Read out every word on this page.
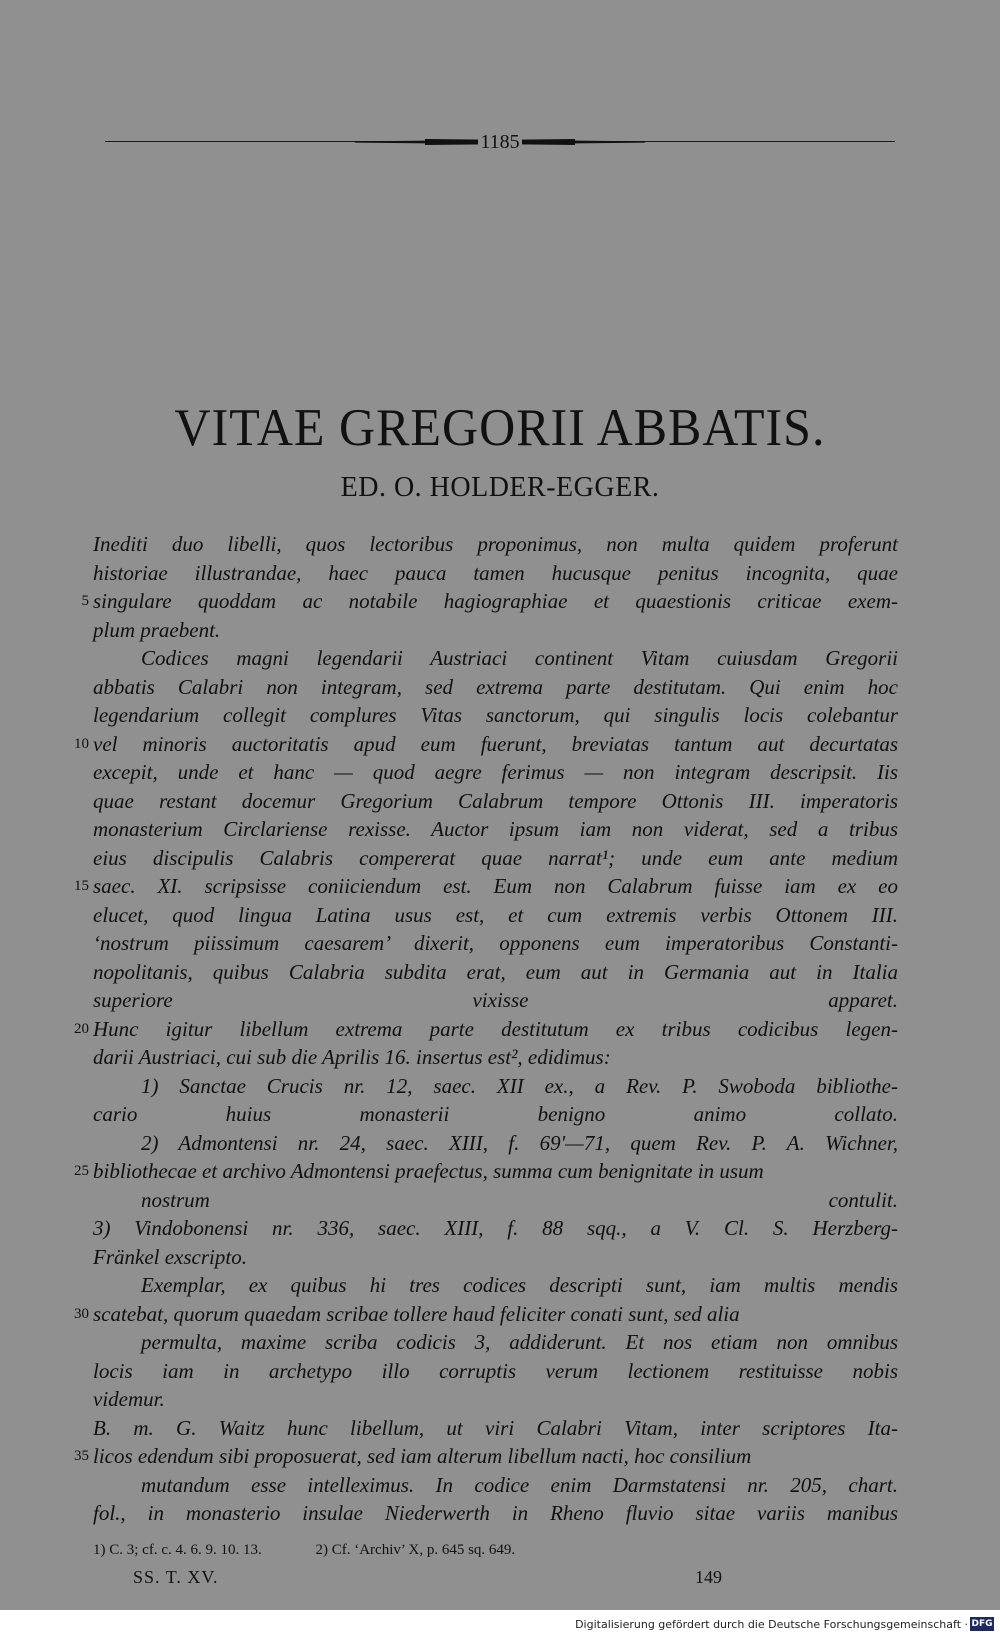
1185
VITAE GREGORII ABBATIS.
ED. O. HOLDER-EGGER.
Inediti duo libelli, quos lectoribus proponimus, non multa quidem proferunt
historiae illustrandae, haec pauca tamen hucusque penitus incognita, quae
5 singulare quoddam ac notabile hagiographiae et quaestionis criticae exem-
plum praebent.
Codices magni legendarii Austriaci continent Vitam cuiusdam Gregorii
abbatis Calabri non integram, sed extrema parte destitutam. Qui enim hoc
legendarium collegit complures Vitas sanctorum, qui singulis locis colebantur
10 vel minoris auctoritatis apud eum fuerunt, breviatas tantum aut decurtatas
excepit, unde et hanc — quod aegre ferimus — non integram descripsit. Iis
quae restant docemur Gregorium Calabrum tempore Ottonis III. imperatoris
monasterium Circlariense rexisse. Auctor ipsum iam non viderat, sed a tribus
eius discipulis Calabris compererat quae narrat¹; unde eum ante medium
15 saec. XI. scripsisse coniiciendum est. Eum non Calabrum fuisse iam ex eo
elucet, quod lingua Latina usus est, et cum extremis verbis Ottonem III.
‘nostrum piissimum caesarem’ dixerit, opponens eum imperatoribus Constanti-
nopolitanis, quibus Calabria subdita erat, eum aut in Germania aut in Italia
superiore vixisse apparet.
20 Hunc igitur libellum extrema parte destitutum ex tribus codicibus legen-
darii Austriaci, cui sub die Aprilis 16. insertus est², edidimus:
1) Sanctae Crucis nr. 12, saec. XII ex., a Rev. P. Swoboda bibliothe-
cario huius monasterii benigno animo collato.
2) Admontensi nr. 24, saec. XIII, f. 69'—71, quem Rev. P. A. Wichner,
25 bibliothecae et archivo Admontensi praefectus, summa cum benignitate in usum
nostrum contulit.
3) Vindobonensi nr. 336, saec. XIII, f. 88 sqq., a V. Cl. S. Herzberg-
Fränkel exscripto.
Exemplar, ex quibus hi tres codices descripti sunt, iam multis mendis
30 scatebat, quorum quaedam scribae tollere haud feliciter conati sunt, sed alia
permulta, maxime scriba codicis 3, addiderunt. Et nos etiam non omnibus
locis iam in archetypo illo corruptis verum lectionem restituisse nobis
videmur.
B. m. G. Waitz hunc libellum, ut viri Calabri Vitam, inter scriptores Ita-
35 licos edendum sibi proposuerat, sed iam alterum libellum nacti, hoc consilium
mutandum esse intelleximus. In codice enim Darmstatensi nr. 205, chart.
fol., in monasterio insulae Niederwerth in Rheno fluvio sitae variis manibus
1) C. 3; cf. c. 4. 6. 9. 10. 13.	2) Cf. ‘Archiv’ X, p. 645 sq. 649.
SS. T. XV.	149
Digitalisierung gefördert durch die Deutsche Forschungsgemeinschaft · DFG
